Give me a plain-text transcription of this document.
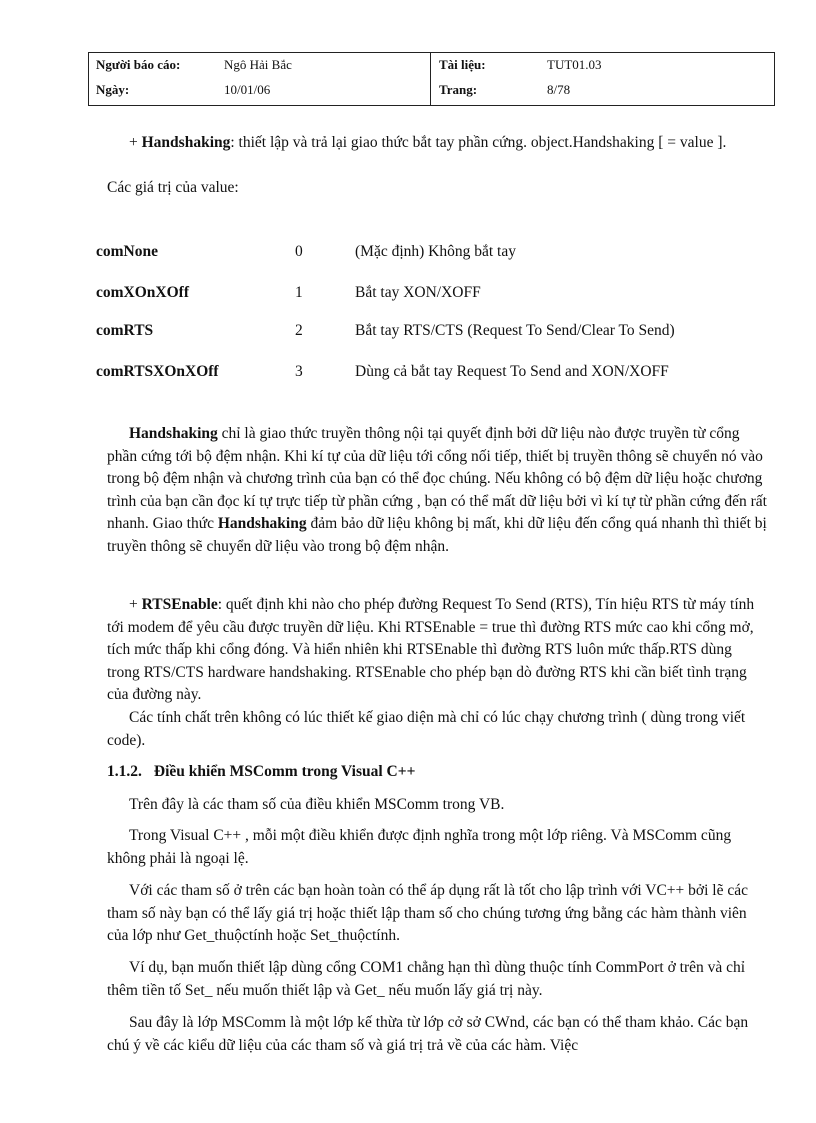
Người báo cáo:	Ngô Hải Bắc
Ngày:	10/01/06
Tài liệu:	TUT01.03
Trang:	8/78

+ Handshaking: thiết lập và trả lại giao thức bắt tay phần cứng. object.Handshaking [ = value ].

Các giá trị của value:

comNone	0	(Mặc định) Không bắt tay
comXOnXOff	1	Bắt tay XON/XOFF
comRTS	2	Bắt tay RTS/CTS (Request To Send/Clear To Send)
comRTSXOnXOff	3	Dùng cả bắt tay Request To Send and XON/XOFF

Handshaking chỉ là giao thức truyền thông nội tại quyết định bởi dữ liệu nào được truyền từ cổng phần cứng tới bộ đệm nhận. Khi kí tự của dữ liệu tới cổng nối tiếp, thiết bị truyền thông sẽ chuyển nó vào trong bộ đệm nhận và chương trình của bạn có thể đọc chúng. Nếu không có bộ đệm dữ liệu hoặc chương trình của bạn cần đọc kí tự trực tiếp từ phần cứng , bạn có thể mất dữ liệu bởi vì kí tự từ phần cứng đến rất nhanh. Giao thức Handshaking đảm bảo dữ liệu không bị mất, khi dữ liệu đến cổng quá nhanh thì thiết bị truyền thông sẽ chuyển dữ liệu vào trong bộ đệm nhận.

+ RTSEnable: quết định khi nào cho phép đường Request To Send (RTS), Tín hiệu RTS từ máy tính tới modem để yêu cầu được truyền dữ liệu. Khi RTSEnable = true thì đường RTS mức cao khi cổng mở, tích mức thấp khi cổng đóng. Và hiển nhiên khi RTSEnable thì đường RTS luôn mức thấp.RTS dùng trong RTS/CTS hardware handshaking. RTSEnable cho phép bạn dò đường RTS khi cần biết tình trạng của đường này.

Các tính chất trên không có lúc thiết kế giao diện mà chỉ có lúc chạy chương trình ( dùng trong viết code).

1.1.2. Điều khiển MSComm trong Visual C++

Trên đây là các tham số của điều khiển MSComm trong VB.

Trong Visual C++ , mỗi một điều khiển được định nghĩa trong một lớp riêng. Và MSComm cũng không phải là ngoại lệ.

Với các tham số ở trên các bạn hoàn toàn có thể áp dụng rất là tốt cho lập trình với VC++ bởi lẽ các tham số này bạn có thể lấy giá trị hoặc thiết lập tham số cho chúng tương ứng bằng các hàm thành viên của lớp như Get_thuộctính hoặc Set_thuộctính.

Ví dụ, bạn muốn thiết lập dùng cổng COM1 chẳng hạn thì dùng thuộc tính CommPort ở trên và chỉ thêm tiền tố Set_ nếu muốn thiết lập và Get_ nếu muốn lấy giá trị này.

Sau đây là lớp MSComm là một lớp kế thừa từ lớp cở sở CWnd, các bạn có thể tham khảo. Các bạn chú ý về các kiểu dữ liệu của các tham số và giá trị trả về của các hàm. Việc
